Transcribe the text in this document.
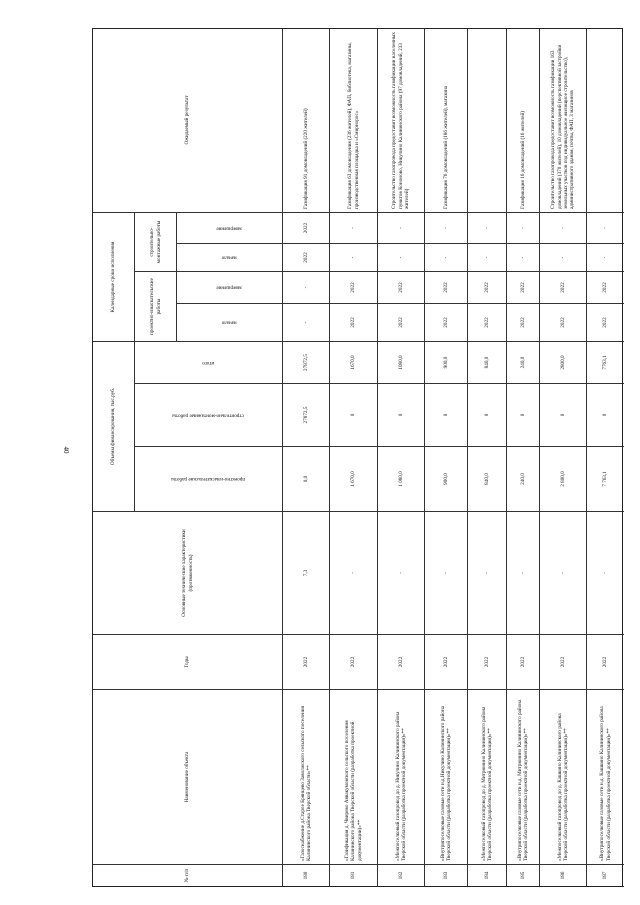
40
№ п/п
Наименование объекта
Годы
Основные технические характеристики (протяженность)
Объемы финансирования, тыс.руб.
проектно-изыскательские работы
строительно-монтажные работы
итого
Календарные сроки исполнения	проектно-изыскательские работы
строительно-монтажные работы
начало
завершение
начало
завершение
Ожидаемый результат
180
«Газоснабжение д.Старое Брянцево Заволжского сельского поселения Калининского района Тверской области»**
2022
7,3
0,0
27872,5
27872,5
-
-
2022
2022
Газификация 91 домовладений (220 жителей)
181
«Газификация д. Чвирево Аввакумовского сельского поселения Калининского района Тверской области (разработка проектной документации)»**
2022
-
1 670,0
0
1670,0
2022
2022
-
-
Газификация 63 домовладения (236 жителей), ФАП, библиотека, магазины, производственная площадка и «Смирнорос»
182
«Межпоселковый газопровод до д. Никулино Калининского района Тверской области (разработка проектной документации)»**
2022
-
1 080,0
0
1080,0
2022
2022
-
-
Строительство газопровода предоставит возможность газификации населенных пунктов Кононово, Никулино Калининского района (97 домовладений, 233 жителей)
183
«Внутрипоселковые газовые сети н.д.Никулино Калининского района Тверской области (разработка проектной документации)»**
2022
-
900,0
0
900,0
2022
2022
-
-
Газификация 76 домовладений (186 жителей), магазина
184
«Межпоселковый газопровод до д. Митрюнино Калининского района Тверской области (разработка проектной документации)»**
2022
-
840,0
0
840,0
2022
2022
-
-
185
«Внутрипоселковые газовые сети н.д. Митрюнино Калининского района Тверской области (разработка проектной документации)»**
2022
-
240,0
0
240,0
2022
2022
-
-
Газификация 16 домовладений (16 жителей)
186
«Межпоселковый газопровод до д. Кашкино Калининского района Тверской области (разработка проектной документации)»**
2022
-
2 800,0
0
2800,0
2022
2022
-
-
Строительство газопровода предоставит возможность газификации 163 домовладений (370 жителей), 10 домовладений (перспективной застройки земельных участков под индивидуальное жилищное строительство), административного здания, почты, ФАП, 3 магазинов
187
«Внутрипоселковые газовые сети н.д. Кашкино Калининского района Тверской области (разработка проектной документации)»**
2022
-
7 763,1
0
7763,1
2022
2022
-
-
